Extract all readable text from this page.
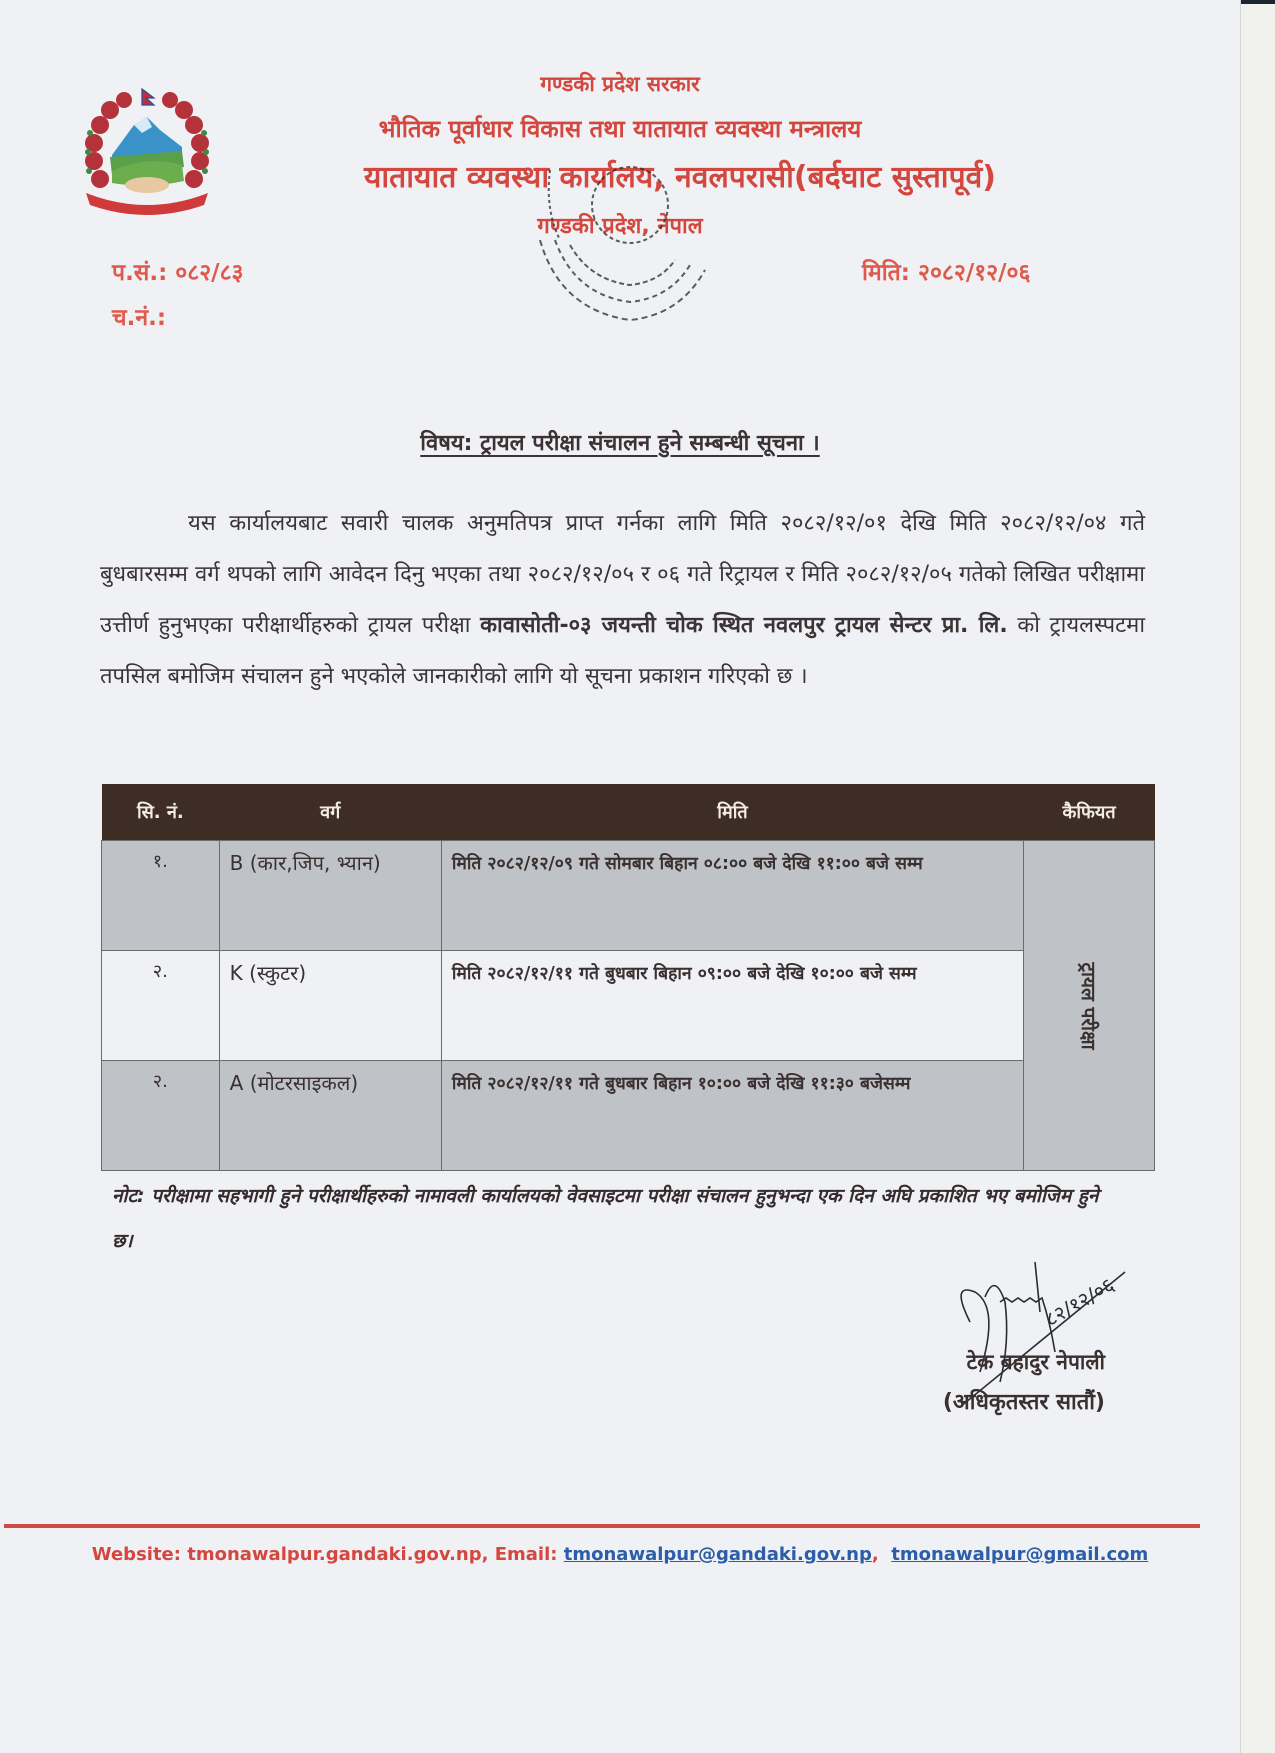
गण्डकी प्रदेश सरकार
भौतिक पूर्वाधार विकास तथा यातायात व्यवस्था मन्त्रालय
यातायात व्यवस्था कार्यालय, नवलपरासी(बर्दघाट सुस्तापूर्व)
गण्डकी प्रदेश, नेपाल
प.सं.: ०८२/८३
च.नं.:
मिति: २०८२/१२/०६
विषय: ट्रायल परीक्षा संचालन हुने सम्बन्धी सूचना ।
यस कार्यालयबाट सवारी चालक अनुमतिपत्र प्राप्त गर्नका लागि मिति २०८२/१२/०१ देखि मिति २०८२/१२/०४ गते बुधबारसम्म वर्ग थपको लागि आवेदन दिनु भएका तथा २०८२/१२/०५ र ०६ गते रिट्रायल र मिति २०८२/१२/०५ गतेको लिखित परीक्षामा उत्तीर्ण हुनुभएका परीक्षार्थीहरुको ट्रायल परीक्षा कावासोती-०३ जयन्ती चोक स्थित नवलपुर ट्रायल सेन्टर प्रा. लि. को ट्रायलस्पटमा तपसिल बमोजिम संचालन हुने भएकोले जानकारीको लागि यो सूचना प्रकाशन गरिएको छ ।
सि. नं.	वर्ग	मिति	कैफियत
१.	B (कार,जिप, भ्यान)	मिति २०८२/१२/०९ गते सोमबार बिहान ०८:०० बजे देखि ११:०० बजे सम्म	ट्रायल परीक्षा

२.	K (स्कुटर)	मिति २०८२/१२/११ गते बुधबार बिहान ०९:०० बजे देखि १०:०० बजे सम्म	
२.	A (मोटरसाइकल)	मिति २०८२/१२/११ गते बुधबार बिहान १०:०० बजे देखि ११:३० बजेसम्म	
नोट: परीक्षामा सहभागी हुने परीक्षार्थीहरुको नामावली कार्यालयको वेवसाइटमा परीक्षा संचालन हुनुभन्दा एक दिन अघि प्रकाशित भए बमोजिम हुने छ।
८२/१२/०६
टेक बहादुर नेपाली
(अधिकृतस्तर सातौं)
Website: tmonawalpur.gandaki.gov.np, Email: tmonawalpur@gandaki.gov.np, tmonawalpur@gmail.com
